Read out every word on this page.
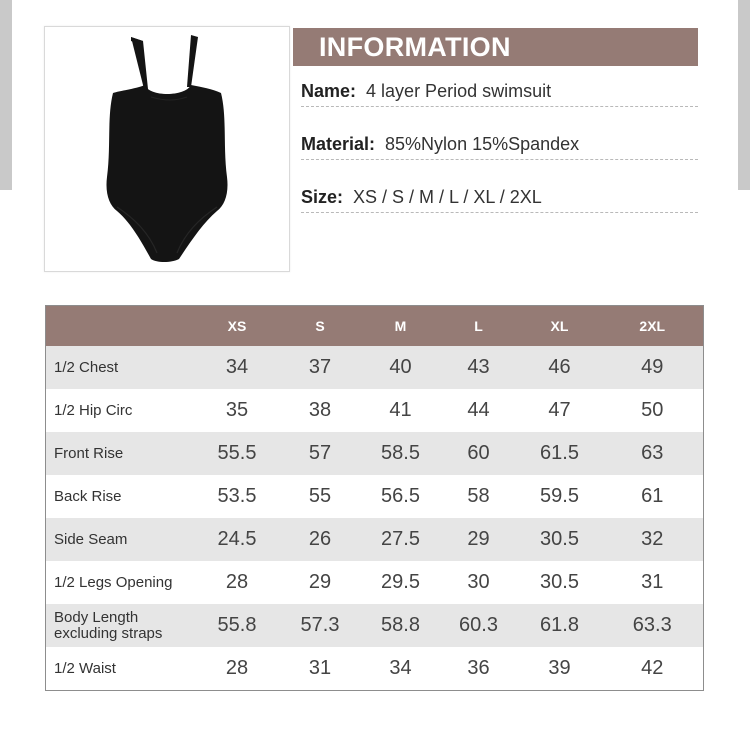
INFORMATION
Name: 4 layer Period swimsuit
Material: 85%Nylon 15%Spandex
Size: XS / S / M / L / XL / 2XL
	XS	S	M	L	XL	2XL
1/2 Chest	34	37	40	43	46	49
1/2 Hip Circ	35	38	41	44	47	50
Front Rise	55.5	57	58.5	60	61.5	63
Back Rise	53.5	55	56.5	58	59.5	61
Side Seam	24.5	26	27.5	29	30.5	32
1/2 Legs Opening	28	29	29.5	30	30.5	31
Body Length excluding straps	55.8	57.3	58.8	60.3	61.8	63.3
1/2 Waist	28	31	34	36	39	42
